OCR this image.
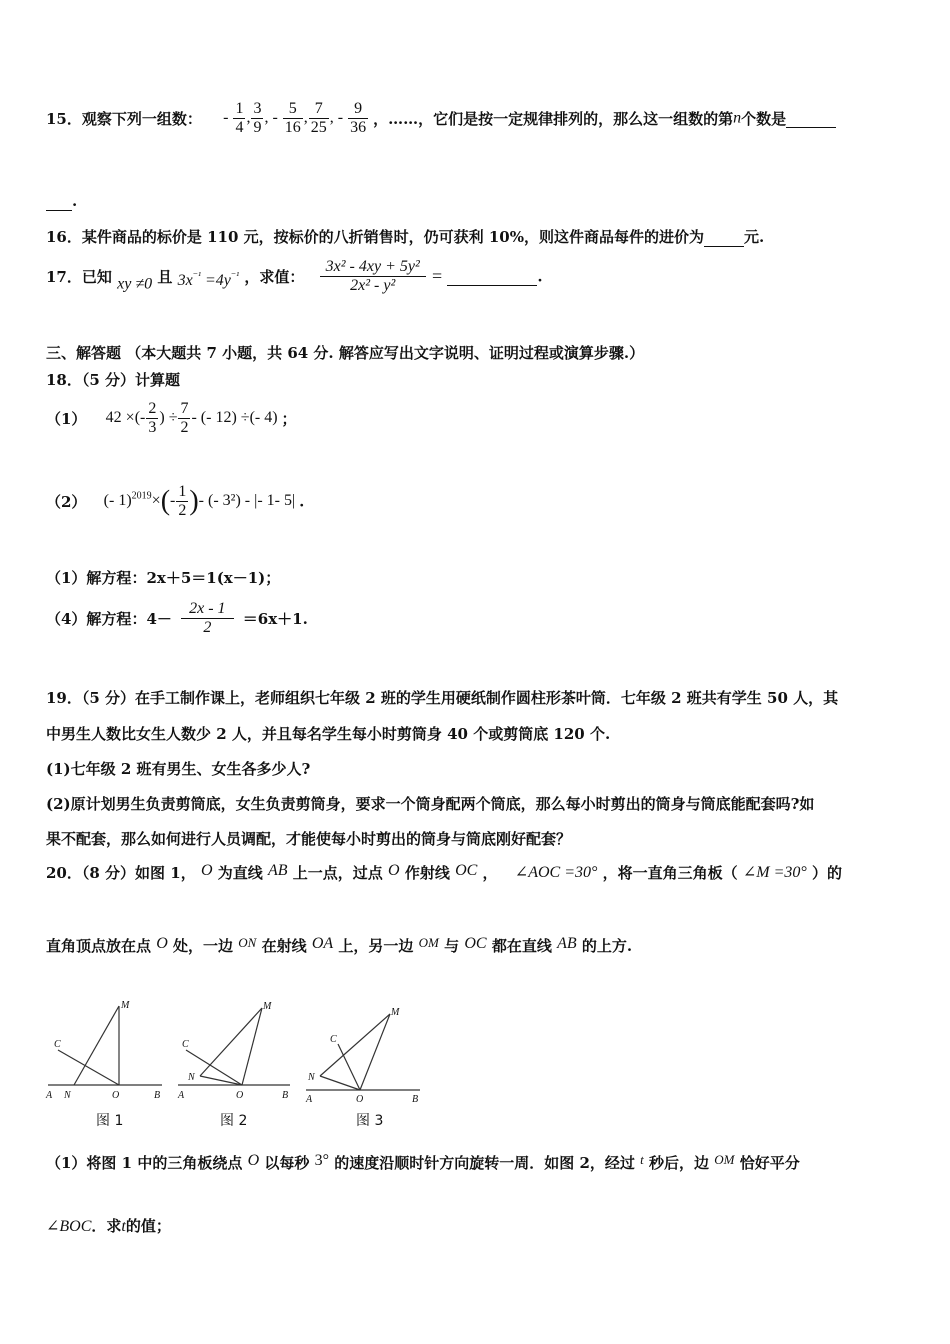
15．观察下列一组数： - $\frac{1}{4}$ , $\frac{3}{9}$ , - $\frac{5}{16}$ , $\frac{7}{25}$ , - $\frac{9}{36}$ ，……，它们是按一定规律排列的，那么这一组数的第n个数是
.
16．某件商品的标价是 110 元，按标价的八折销售时，仍可获利 10%，则这件商品每件的进价为	元.
17．已知 xy ≠0 且 $3x^{^{-1}} =4y^{^{-1}}$ ，求值： $\frac{\text{3x² - 4xy + 5y²}}{\text{2x² - y²}}$ =	.
三、解答题 （本大题共 7 小题，共 64 分. 解答应写出文字说明、证明过程或演算步骤.）
18．（5 分）计算题
（1） 42 ×(- $\frac{2}{3}$ ) ÷ $\frac{7}{2}$ - (- 12) ÷(- 4) ；
（2） (- $1)^{2019}\times(- \frac{1}{2}$ )- (- 3²) - |- 1- 5| .
（1）解方程：2x＋5＝1(x－1)；
（4）解方程：$4- \frac{2x - 1}{2} =6x+1$.
19．（5 分）在手工制作课上，老师组织七年级 2 班的学生用硬纸制作圆柱形茶叶筒．七年级 2 班共有学生 50 人，其
中男生人数比女生人数少 2 人，并且每名学生每小时剪筒身 40 个或剪筒底 120 个.
(1)七年级 2 班有男生、女生各多少人?
(2)原计划男生负责剪筒底，女生负责剪筒身，要求一个筒身配两个筒底，那么每小时剪出的筒身与筒底能配套吗?如
果不配套，那么如何进行人员调配，才能使每小时剪出的筒身与筒底刚好配套？
20．（8 分）如图 1， O 为直线 AB 上一点，过点 O 作射线 OC ， ∠AOC =30° ，将一直角三角板（ ∠M =30° ）的
直角顶点放在点 O 处，一边 ON 在射线 OA 上，另一边 OM 与 OC 都在直线 AB 的上方.
M
C
A N	O	B
图 1
M
C
N
A	O	B
图 2
M
C
N
A	O	B
图 3
（1）将图 1 中的三角板绕点 O 以每秒 3° 的速度沿顺时针方向旋转一周．如图 2，经过 t 秒后，边 OM 恰好平分
∠BOC．求t的值；
